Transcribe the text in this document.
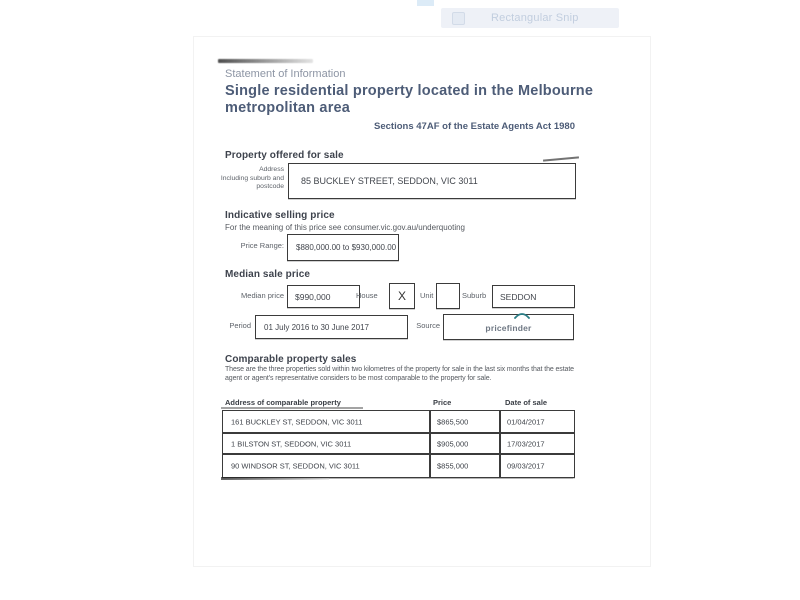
Rectangular Snip
Statement of Information
Single residential property located in the Melbourne metropolitan area
Sections 47AF of the Estate Agents Act 1980
Property offered for sale
Address
Including suburb and
postcode
85 BUCKLEY STREET, SEDDON, VIC 3011
Indicative selling price
For the meaning of this price see consumer.vic.gov.au/underquoting
Price Range: $880,000.00 to $930,000.00
Median sale price
Median price $990,000	House	X Unit	Suburb	SEDDON
Period 01 July 2016 to 30 June 2017	Source	pricefinder
Comparable property sales
These are the three properties sold within two kilometres of the property for sale in the last six months that the estate agent or agent's representative considers to be most comparable to the property for sale.
Address of comparable property	Price	Date of sale
161 BUCKLEY ST, SEDDON, VIC 3011	$865,500	01/04/2017
1 BILSTON ST, SEDDON, VIC 3011	$905,000	17/03/2017
90 WINDSOR ST, SEDDON, VIC 3011	$855,000	09/03/2017
